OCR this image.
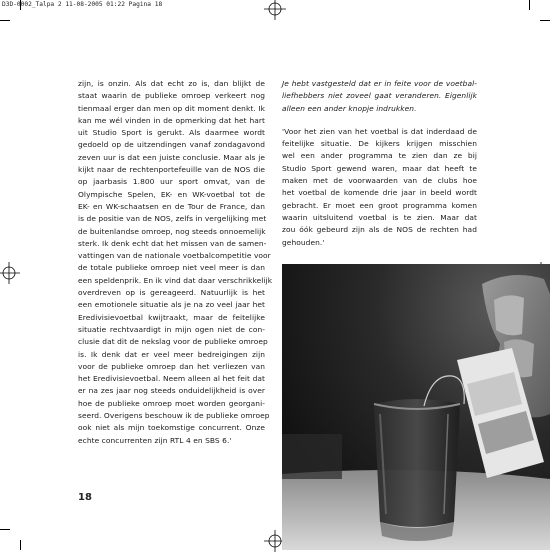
D3D-0002_Talpa 2 11-08-2005 01:22 Pagina 18
zijn, is onzin. Als dat echt zo is, dan blijkt de
staat waarin de publieke omroep verkeert nog
tienmaal erger dan men op dit moment denkt. Ik
kan me wél vinden in de opmerking dat het hart
uit Studio Sport is gerukt. Als daarmee wordt
gedoeld op de uitzendingen vanaf zondagavond
zeven uur is dat een juiste conclusie. Maar als je
kijkt naar de rechtenportefeuille van de NOS die
op jaarbasis 1.800 uur sport omvat, van de
Olympische Spelen, EK- en WK-voetbal tot de
EK- en WK-schaatsen en de Tour de France, dan
is de positie van de NOS, zelfs in vergelijking met
de buitenlandse omroep, nog steeds onnoemelijk
sterk. Ik denk echt dat het missen van de samen-
vattingen van de nationale voetbalcompetitie voor
de totale publieke omroep niet veel meer is dan
een speldenprik. En ik vind dat daar verschrikkelijk
overdreven op is gereageerd. Natuurlijk is het
een emotionele situatie als je na zo veel jaar het
Eredivisievoetbal kwijtraakt, maar de feitelijke
situatie rechtvaardigt in mijn ogen niet de con-
clusie dat dit de nekslag voor de publieke omroep
is. Ik denk dat er veel meer bedreigingen zijn
voor de publieke omroep dan het verliezen van
het Eredivisievoetbal. Neem alleen al het feit dat
er na zes jaar nog steeds onduidelijkheid is over
hoe de publieke omroep moet worden georgani-
seerd. Overigens beschouw ik de publieke omroep
ook niet als mijn toekomstige concurrent. Onze
echte concurrenten zijn RTL 4 en SBS 6.'
Je hebt vastgesteld dat er in feite voor de voetbal-
liefhebbers niet zoveel gaat veranderen. Eigenlijk
alleen een ander knopje indrukken.
'Voor het zien van het voetbal is dat inderdaad de
feitelijke situatie. De kijkers krijgen misschien
wel een ander programma te zien dan ze bij
Studio Sport gewend waren, maar dat heeft te
maken met de voorwaarden van de clubs hoe
het voetbal de komende drie jaar in beeld wordt
gebracht. Er moet een groot programma komen
waarin uitsluitend voetbal is te zien. Maar dat
zou óók gebeurd zijn als de NOS de rechten had
gehouden.'
18
